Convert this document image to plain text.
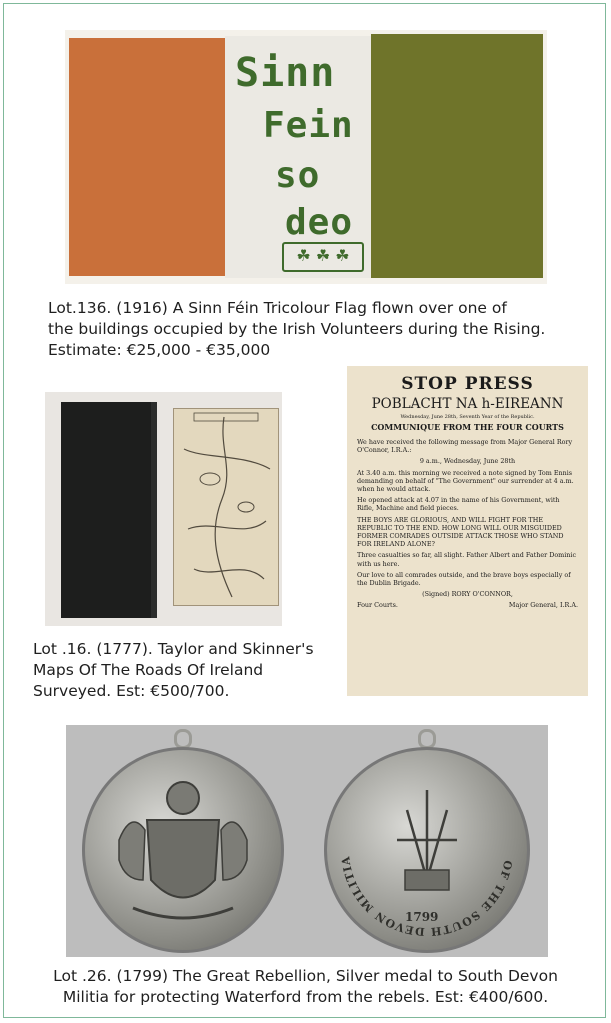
Sinn
Fein
so
deo
☘ ☘ ☘
Lot.136. (1916) A Sinn Féin Tricolour Flag flown over one of
the buildings occupied by the Irish Volunteers during the Rising.
Estimate: €25,000 - €35,000
Lot .16. (1777). Taylor and Skinner's
Maps Of The Roads Of Ireland
Surveyed. Est: €500/700.
STOP PRESS
POBLACHT NA h-EIREANN
Wednesday, June 28th, Seventh Year of the Republic.
COMMUNIQUE FROM THE FOUR COURTS

We have received the following message from Major General Rory O'Connor, I.R.A.:

9 a.m., Wednesday, June 28th

At 3.40 a.m. this morning we received a note signed by Tom Ennis demanding on behalf of "The Government" our surrender at 4 a.m. when he would attack.

He opened attack at 4.07 in the name of his Government, with Rifle, Machine and field pieces.

THE BOYS ARE GLORIOUS, AND WILL FIGHT FOR THE REPUBLIC TO THE END. HOW LONG WILL OUR MISGUIDED FORMER COMRADES OUTSIDE ATTACK THOSE WHO STAND FOR IRELAND ALONE?

Three casualties so far, all slight. Father Albert and Father Dominic with us here.

Our love to all comrades outside, and the brave boys especially of the Dublin Brigade.

(Signed) RORY O'CONNOR,

Four Courts.	Major General, I.R.A.
OF THE SOUTH DEVON MILITIA
1799
Lot .26. (1799) The Great Rebellion, Silver medal to South Devon
Militia for protecting Waterford from the rebels. Est: €400/600.
